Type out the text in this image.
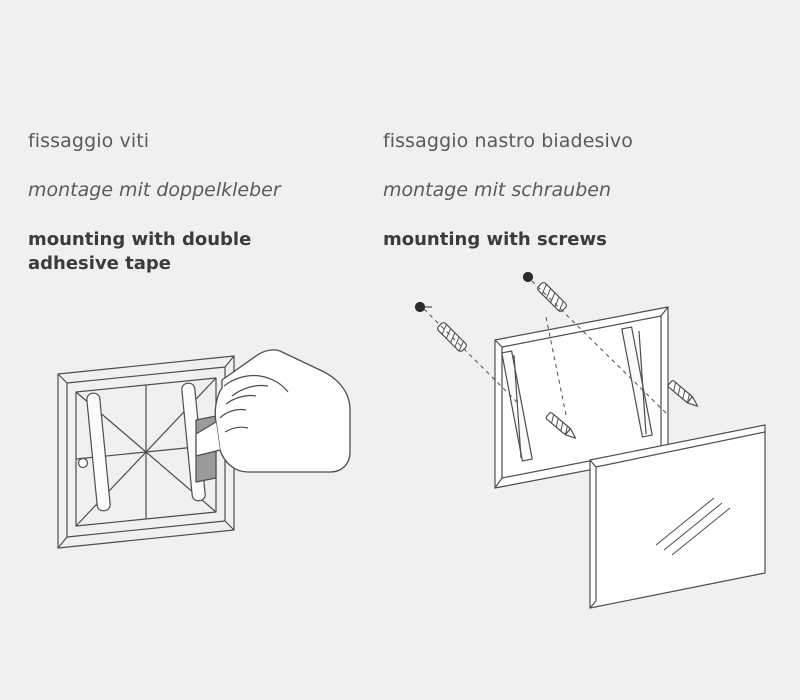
fissaggio viti

montage mit doppelkleber

mounting with double adhesive tape

fissaggio nastro biadesivo

montage mit schrauben

mounting with screws
